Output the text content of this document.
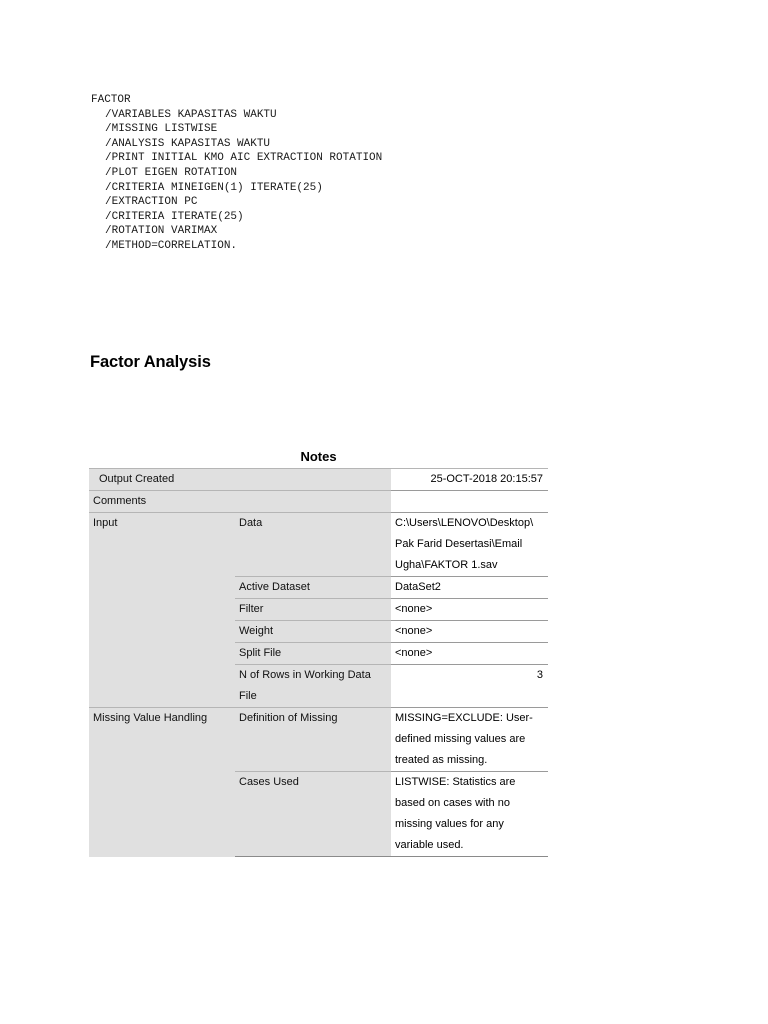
FACTOR
/VARIABLES KAPASITAS WAKTU
/MISSING LISTWISE
/ANALYSIS KAPASITAS WAKTU
/PRINT INITIAL KMO AIC EXTRACTION ROTATION
/PLOT EIGEN ROTATION
/CRITERIA MINEIGEN(1) ITERATE(25)
/EXTRACTION PC
/CRITERIA ITERATE(25)
/ROTATION VARIMAX
/METHOD=CORRELATION.
Factor Analysis
Notes
Output Created		25-OCT-2018 20:15:57
Comments		
Input	Data	C:\Users\LENOVO\Desktop\ Pak Farid Desertasi\Email Ugha\FAKTOR 1.sav
	Active Dataset	DataSet2
	Filter	<none>
	Weight	<none>
	Split File	<none>
	N of Rows in Working Data File	3
Missing Value Handling	Definition of Missing	MISSING=EXCLUDE: User-defined missing values are treated as missing.
	Cases Used	LISTWISE: Statistics are based on cases with no missing values for any variable used.
